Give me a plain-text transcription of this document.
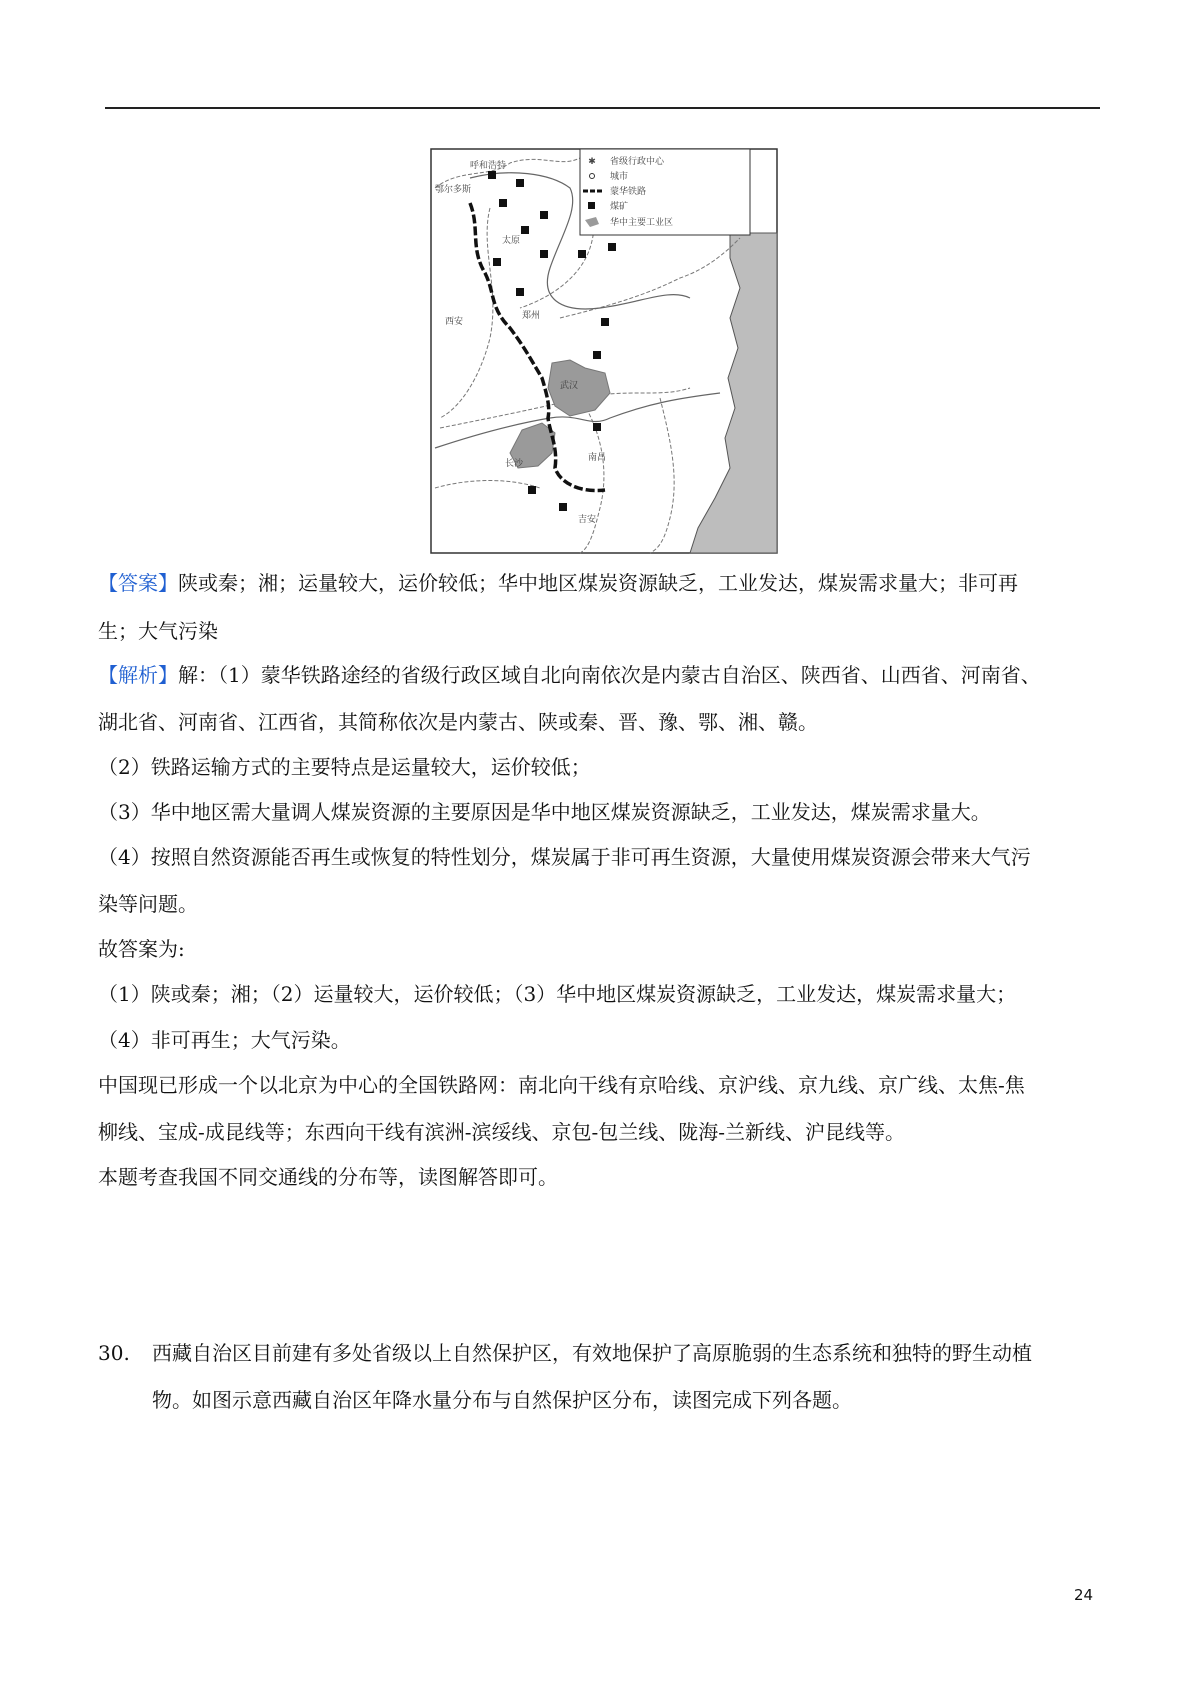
✱ 省级行政中心
城市
蒙华铁路
煤矿
华中主要工业区
呼和浩特
鄂尔多斯
太原
郑州
西安
武汉
长沙
南昌
吉安
【答案】陕或秦；湘；运量较大，运价较低；华中地区煤炭资源缺乏，工业发达，煤炭需求量大；非可再
生；大气污染
【解析】解：（1）蒙华铁路途经的省级行政区域自北向南依次是内蒙古自治区、陕西省、山西省、河南省、
湖北省、河南省、江西省，其简称依次是内蒙古、陕或秦、晋、豫、鄂、湘、赣。
（2）铁路运输方式的主要特点是运量较大，运价较低；
（3）华中地区需大量调人煤炭资源的主要原因是华中地区煤炭资源缺乏，工业发达，煤炭需求量大。
（4）按照自然资源能否再生或恢复的特性划分，煤炭属于非可再生资源，大量使用煤炭资源会带来大气污
染等问题。
故答案为:
（1）陕或秦；湘；（2）运量较大，运价较低；（3）华中地区煤炭资源缺乏，工业发达，煤炭需求量大；
（4）非可再生；大气污染。
中国现已形成一个以北京为中心的全国铁路网：南北向干线有京哈线、京沪线、京九线、京广线、太焦-焦
柳线、宝成-成昆线等；东西向干线有滨洲-滨绥线、京包-包兰线、陇海-兰新线、沪昆线等。
本题考查我国不同交通线的分布等，读图解答即可。
30. 西藏自治区目前建有多处省级以上自然保护区，有效地保护了高原脆弱的生态系统和独特的野生动植
物。如图示意西藏自治区年降水量分布与自然保护区分布，读图完成下列各题。
24
